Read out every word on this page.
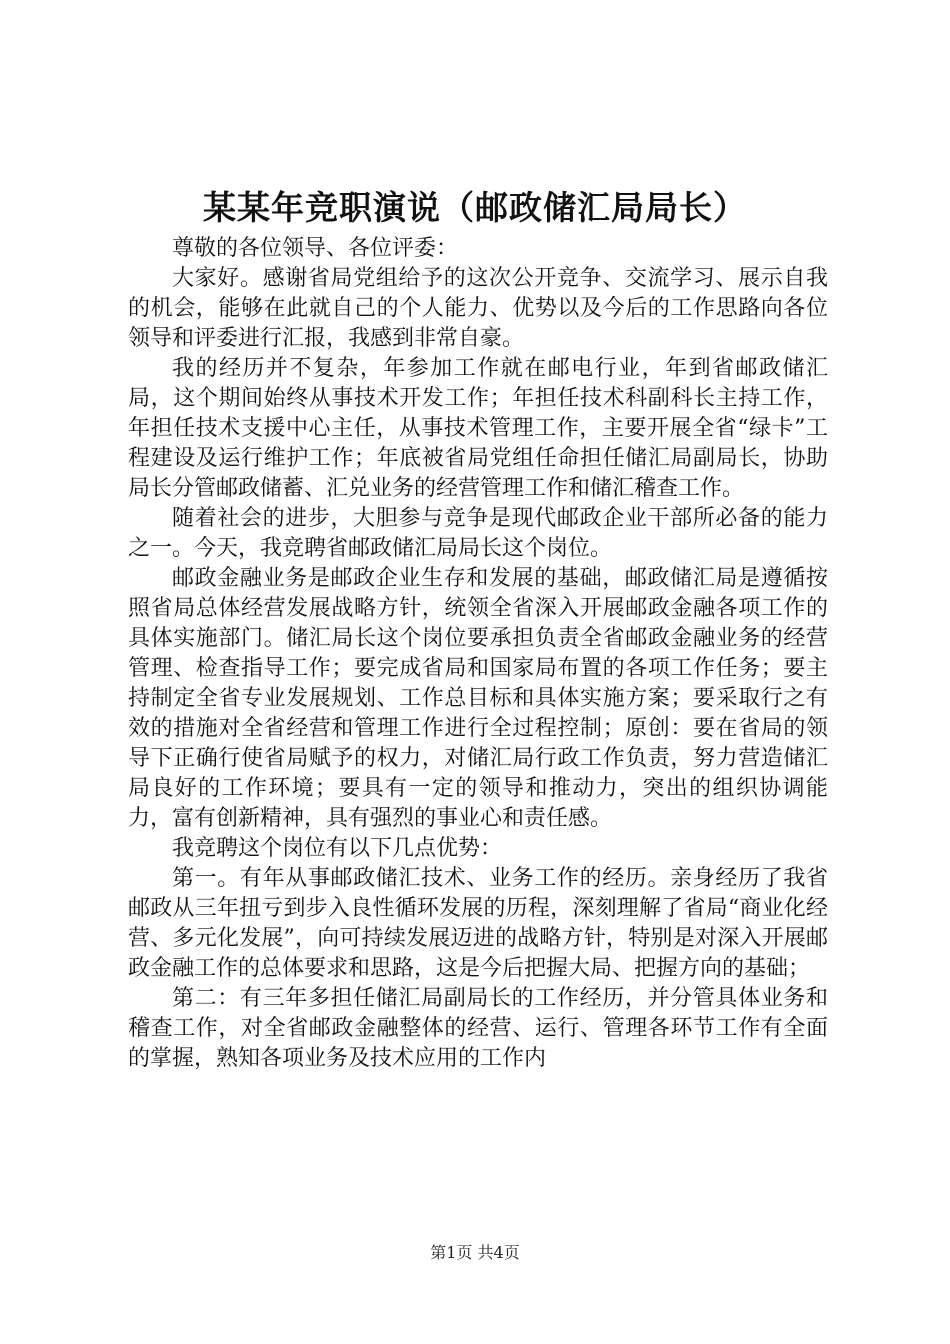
某某年竞职演说（邮政储汇局局长）

尊敬的各位领导、各位评委：

大家好。感谢省局党组给予的这次公开竞争、交流学习、展示自我的机会，能够在此就自己的个人能力、优势以及今后的工作思路向各位领导和评委进行汇报，我感到非常自豪。

我的经历并不复杂，年参加工作就在邮电行业，年到省邮政储汇局，这个期间始终从事技术开发工作；年担任技术科副科长主持工作，年担任技术支援中心主任，从事技术管理工作，主要开展全省“绿卡”工程建设及运行维护工作；年底被省局党组任命担任储汇局副局长，协助局长分管邮政储蓄、汇兑业务的经营管理工作和储汇稽查工作。

随着社会的进步，大胆参与竞争是现代邮政企业干部所必备的能力之一。今天，我竞聘省邮政储汇局局长这个岗位。

邮政金融业务是邮政企业生存和发展的基础，邮政储汇局是遵循按照省局总体经营发展战略方针，统领全省深入开展邮政金融各项工作的具体实施部门。储汇局长这个岗位要承担负责全省邮政金融业务的经营管理、检查指导工作；要完成省局和国家局布置的各项工作任务；要主持制定全省专业发展规划、工作总目标和具体实施方案；要采取行之有效的措施对全省经营和管理工作进行全过程控制；原创：要在省局的领导下正确行使省局赋予的权力，对储汇局行政工作负责，努力营造储汇局良好的工作环境；要具有一定的领导和推动力，突出的组织协调能力，富有创新精神，具有强烈的事业心和责任感。

我竞聘这个岗位有以下几点优势：

第一。有年从事邮政储汇技术、业务工作的经历。亲身经历了我省邮政从三年扭亏到步入良性循环发展的历程，深刻理解了省局“商业化经营、多元化发展”，向可持续发展迈进的战略方针，特别是对深入开展邮政金融工作的总体要求和思路，这是今后把握大局、把握方向的基础；

第二：有三年多担任储汇局副局长的工作经历，并分管具体业务和稽查工作，对全省邮政金融整体的经营、运行、管理各环节工作有全面的掌握，熟知各项业务及技术应用的工作内

第1页 共4页
